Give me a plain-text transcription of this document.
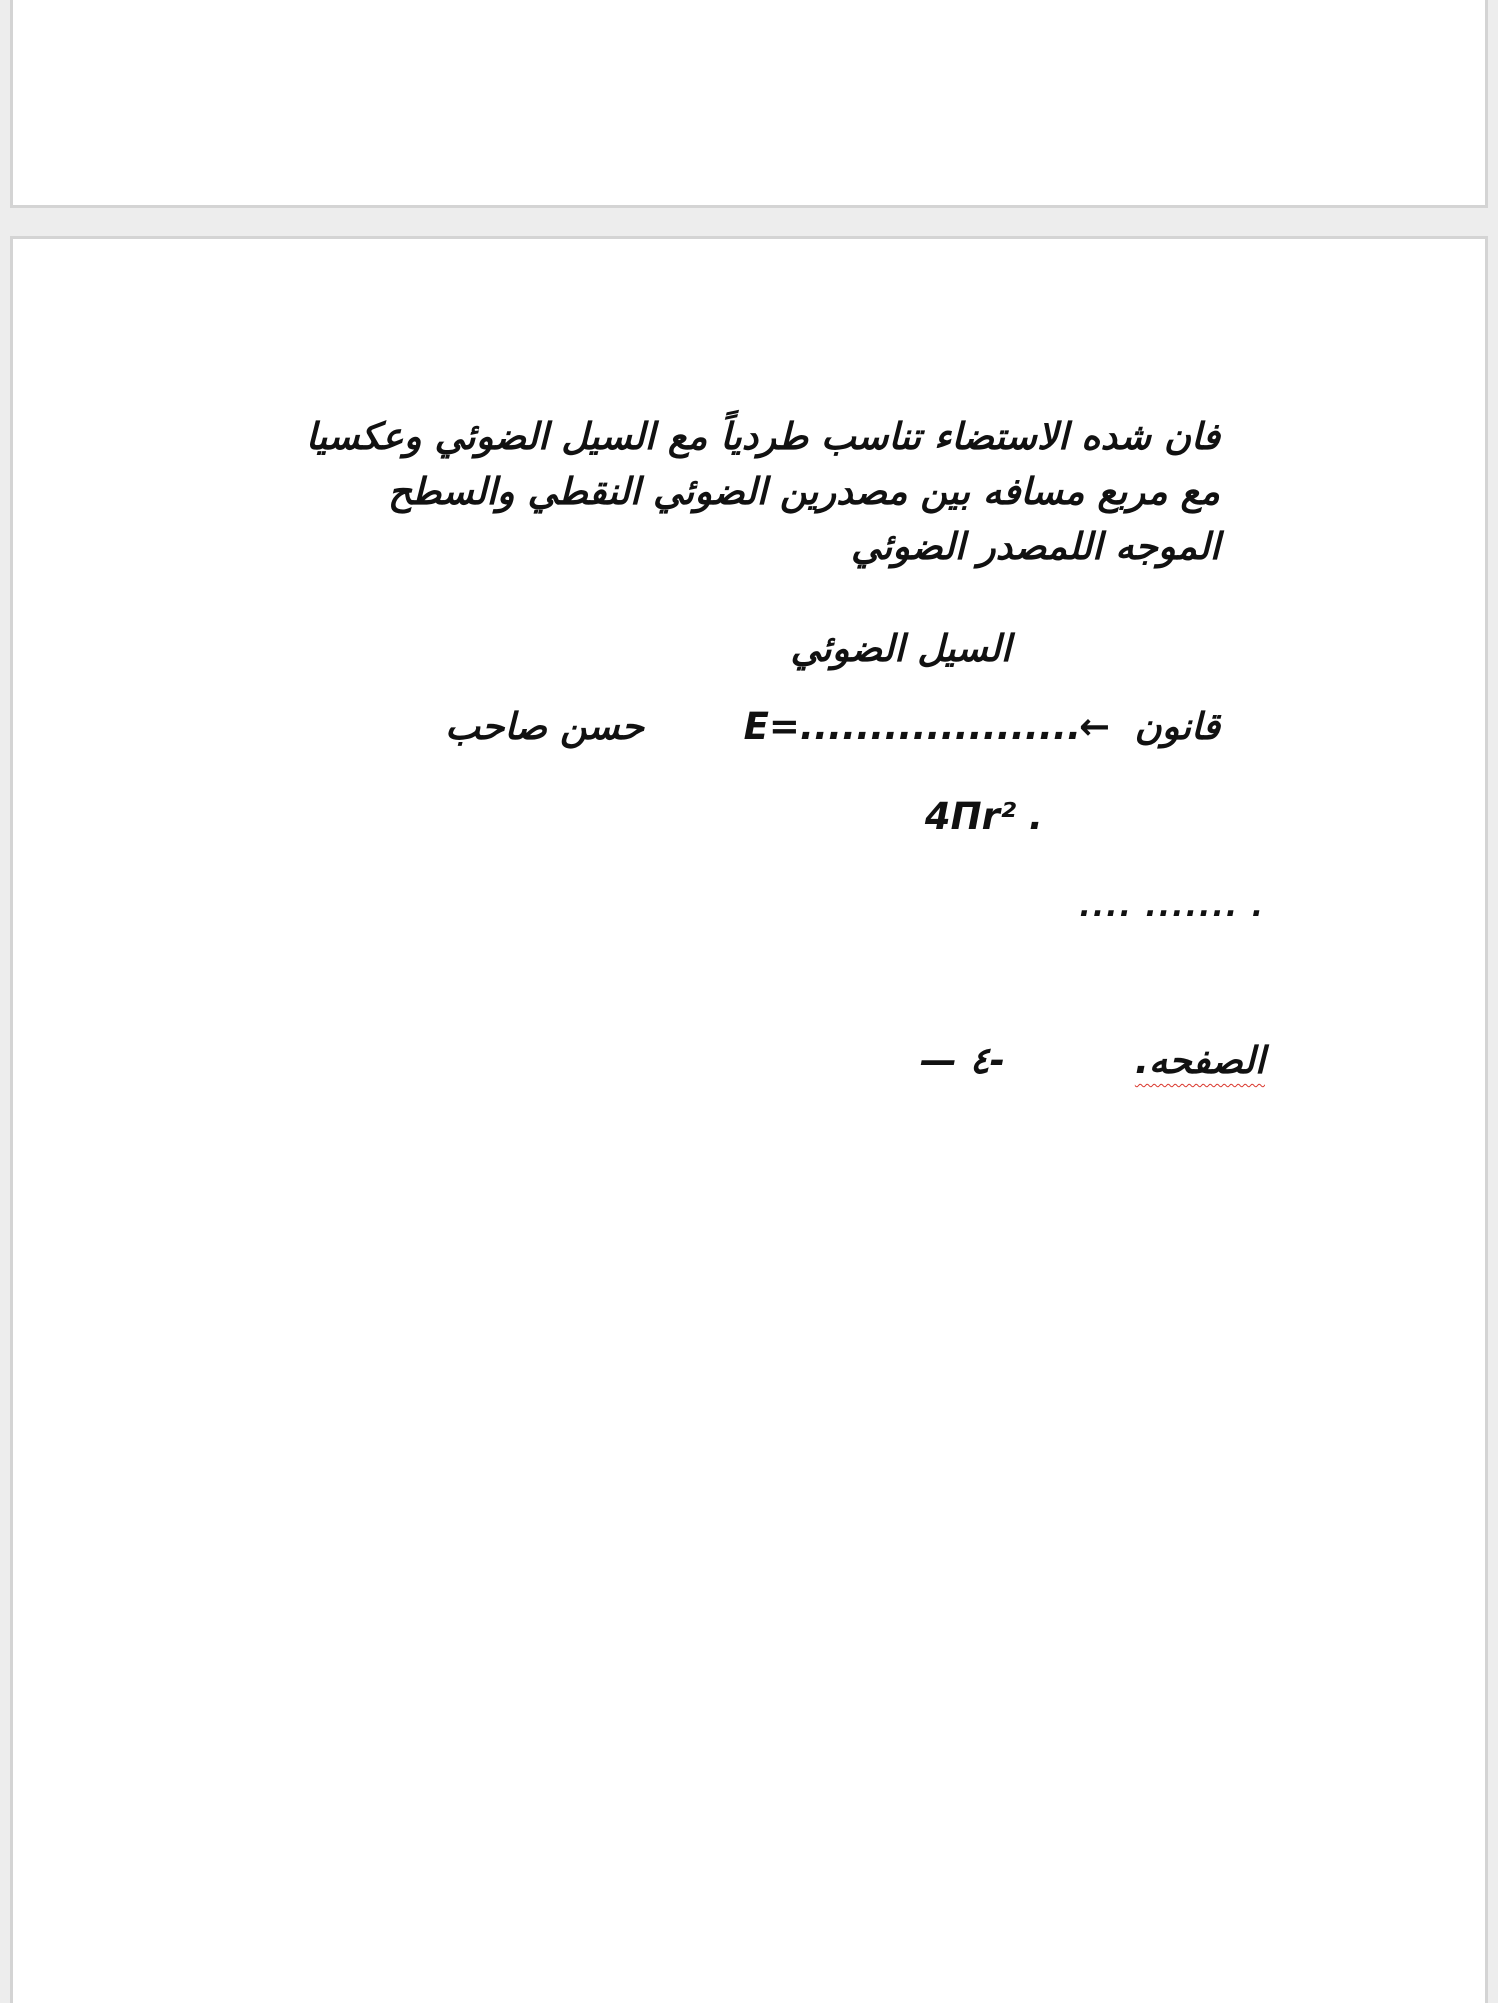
فان شده الاستضاء تناسب طردياً مع السيل الضوئي وعكسيا
مع مربع مسافه بين مصدرين الضوئي النقطي والسطح
الموجه اللمصدر الضوئي
السيل الضوئي
قانون
←
E=....................
حسن صاحب
4Πr² .
.... ....... .
الصفحه.
-٤ —
